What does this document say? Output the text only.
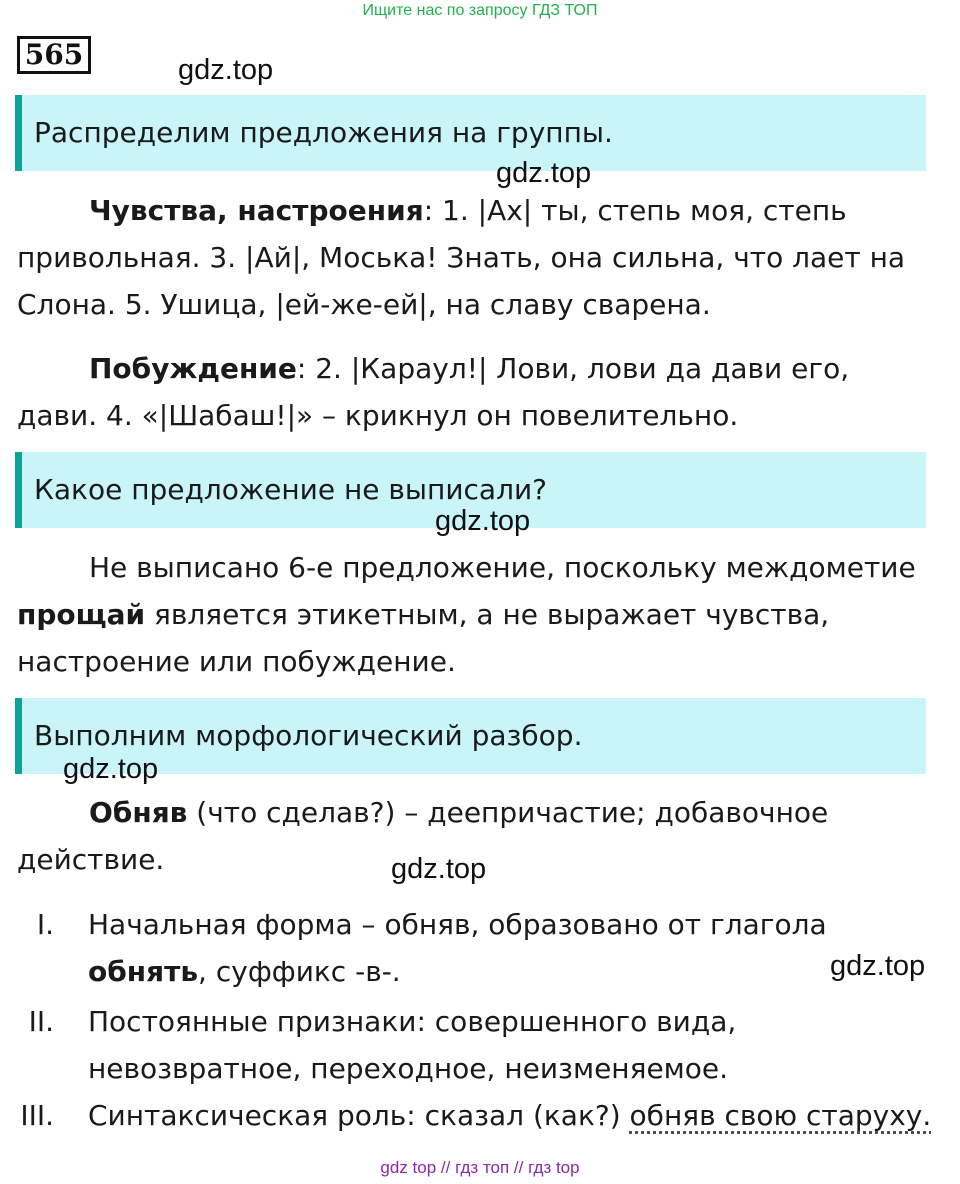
Ищите нас по запросу ГДЗ ТОП
565	gdz.top
Распределим предложения на группы.
gdz.top

Чувства, настроения: 1. |Ах| ты, степь моя, степь привольная. 3. |Ай|, Моська! Знать, она сильна, что лает на Слона. 5. Ушица, |ей-же-ей|, на славу сварена.

Побуждение: 2. |Караул!| Лови, лови да дави его, дави. 4. «|Шабаш!|» – крикнул он повелительно.

Какое предложение не выписали?
gdz.top

Не выписано 6-е предложение, поскольку междометие прощай является этикетным, а не выражает чувства, настроение или побуждение.

Выполним морфологический разбор.
gdz.top

Обняв (что сделав?) – деепричастие; добавочное действие.	gdz.top
I. Начальная форма – обняв, образовано от глагола обнять, суффикс -в-.	gdz.top
II. Постоянные признаки: совершенного вида, невозвратное, переходное, неизменяемое.
III. Синтаксическая роль: сказал (как?) обняв свою старуху.
gdz top // гдз топ // гдз top
